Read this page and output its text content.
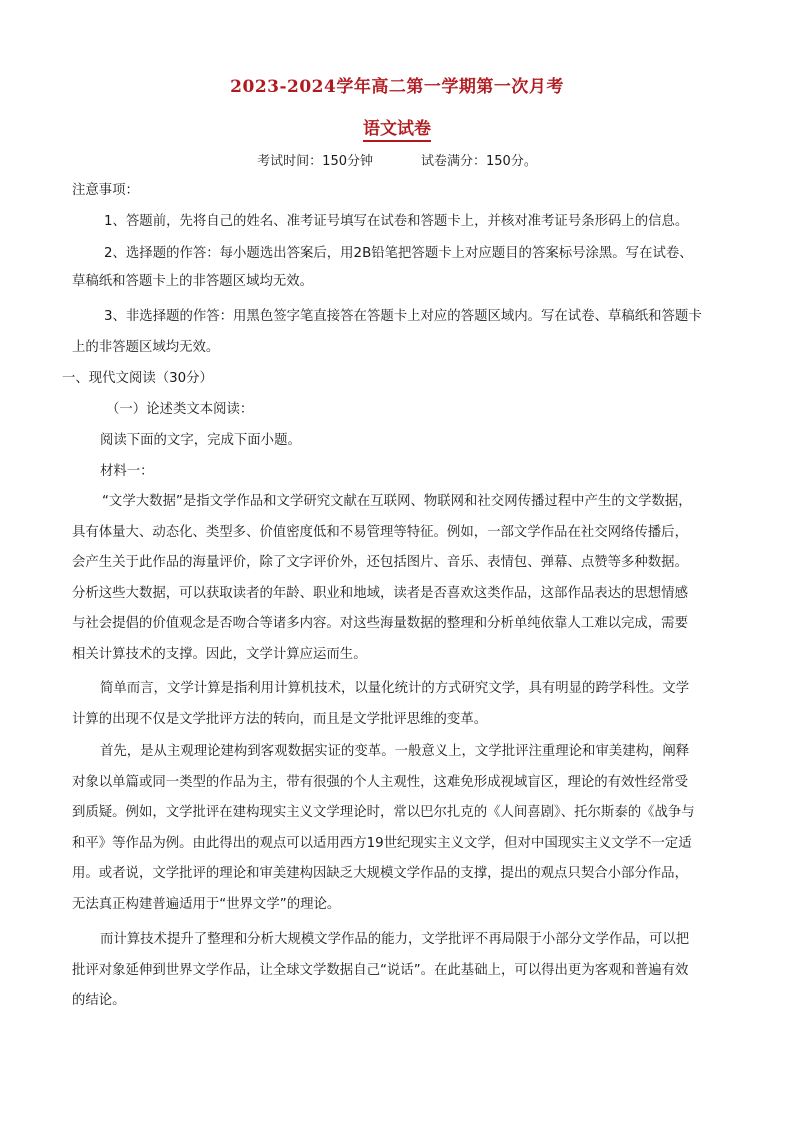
2023-2024学年高二第一学期第一次月考
语文试卷
考试时间：150分钟	试卷满分：150分。
注意事项：
1、答题前，先将自己的姓名、准考证号填写在试卷和答题卡上，并核对准考证号条形码上的信息。
2、选择题的作答：每小题选出答案后，用2B铅笔把答题卡上对应题目的答案标号涂黑。写在试卷、
草稿纸和答题卡上的非答题区域均无效。
3、非选择题的作答：用黑色签字笔直接答在答题卡上对应的答题区域内。写在试卷、草稿纸和答题卡
上的非答题区域均无效。
一、现代文阅读（30分）
（一）论述类文本阅读：
阅读下面的文字，完成下面小题。
材料一：

“文学大数据”是指文学作品和文学研究文献在互联网、物联网和社交网传播过程中产生的文学数据，

具有体量大、动态化、类型多、价值密度低和不易管理等特征。例如，一部文学作品在社交网络传播后，

会产生关于此作品的海量评价，除了文字评价外，还包括图片、音乐、表情包、弹幕、点赞等多种数据。

分析这些大数据，可以获取读者的年龄、职业和地域，读者是否喜欢这类作品，这部作品表达的思想情感

与社会提倡的价值观念是否吻合等诸多内容。对这些海量数据的整理和分析单纯依靠人工难以完成，需要

相关计算技术的支撑。因此，文学计算应运而生。

简单而言，文学计算是指利用计算机技术，以量化统计的方式研究文学，具有明显的跨学科性。文学

计算的出现不仅是文学批评方法的转向，而且是文学批评思维的变革。

首先，是从主观理论建构到客观数据实证的变革。一般意义上，文学批评注重理论和审美建构，阐释

对象以单篇或同一类型的作品为主，带有很强的个人主观性，这难免形成视域盲区，理论的有效性经常受

到质疑。例如，文学批评在建构现实主义文学理论时，常以巴尔扎克的《人间喜剧》、托尔斯泰的《战争与

和平》等作品为例。由此得出的观点可以适用西方19世纪现实主义文学，但对中国现实主义文学不一定适

用。或者说，文学批评的理论和审美建构因缺乏大规模文学作品的支撑，提出的观点只契合小部分作品，

无法真正构建普遍适用于“世界文学”的理论。

而计算技术提升了整理和分析大规模文学作品的能力，文学批评不再局限于小部分文学作品，可以把

批评对象延伸到世界文学作品，让全球文学数据自己“说话”。在此基础上，可以得出更为客观和普遍有效

的结论。
